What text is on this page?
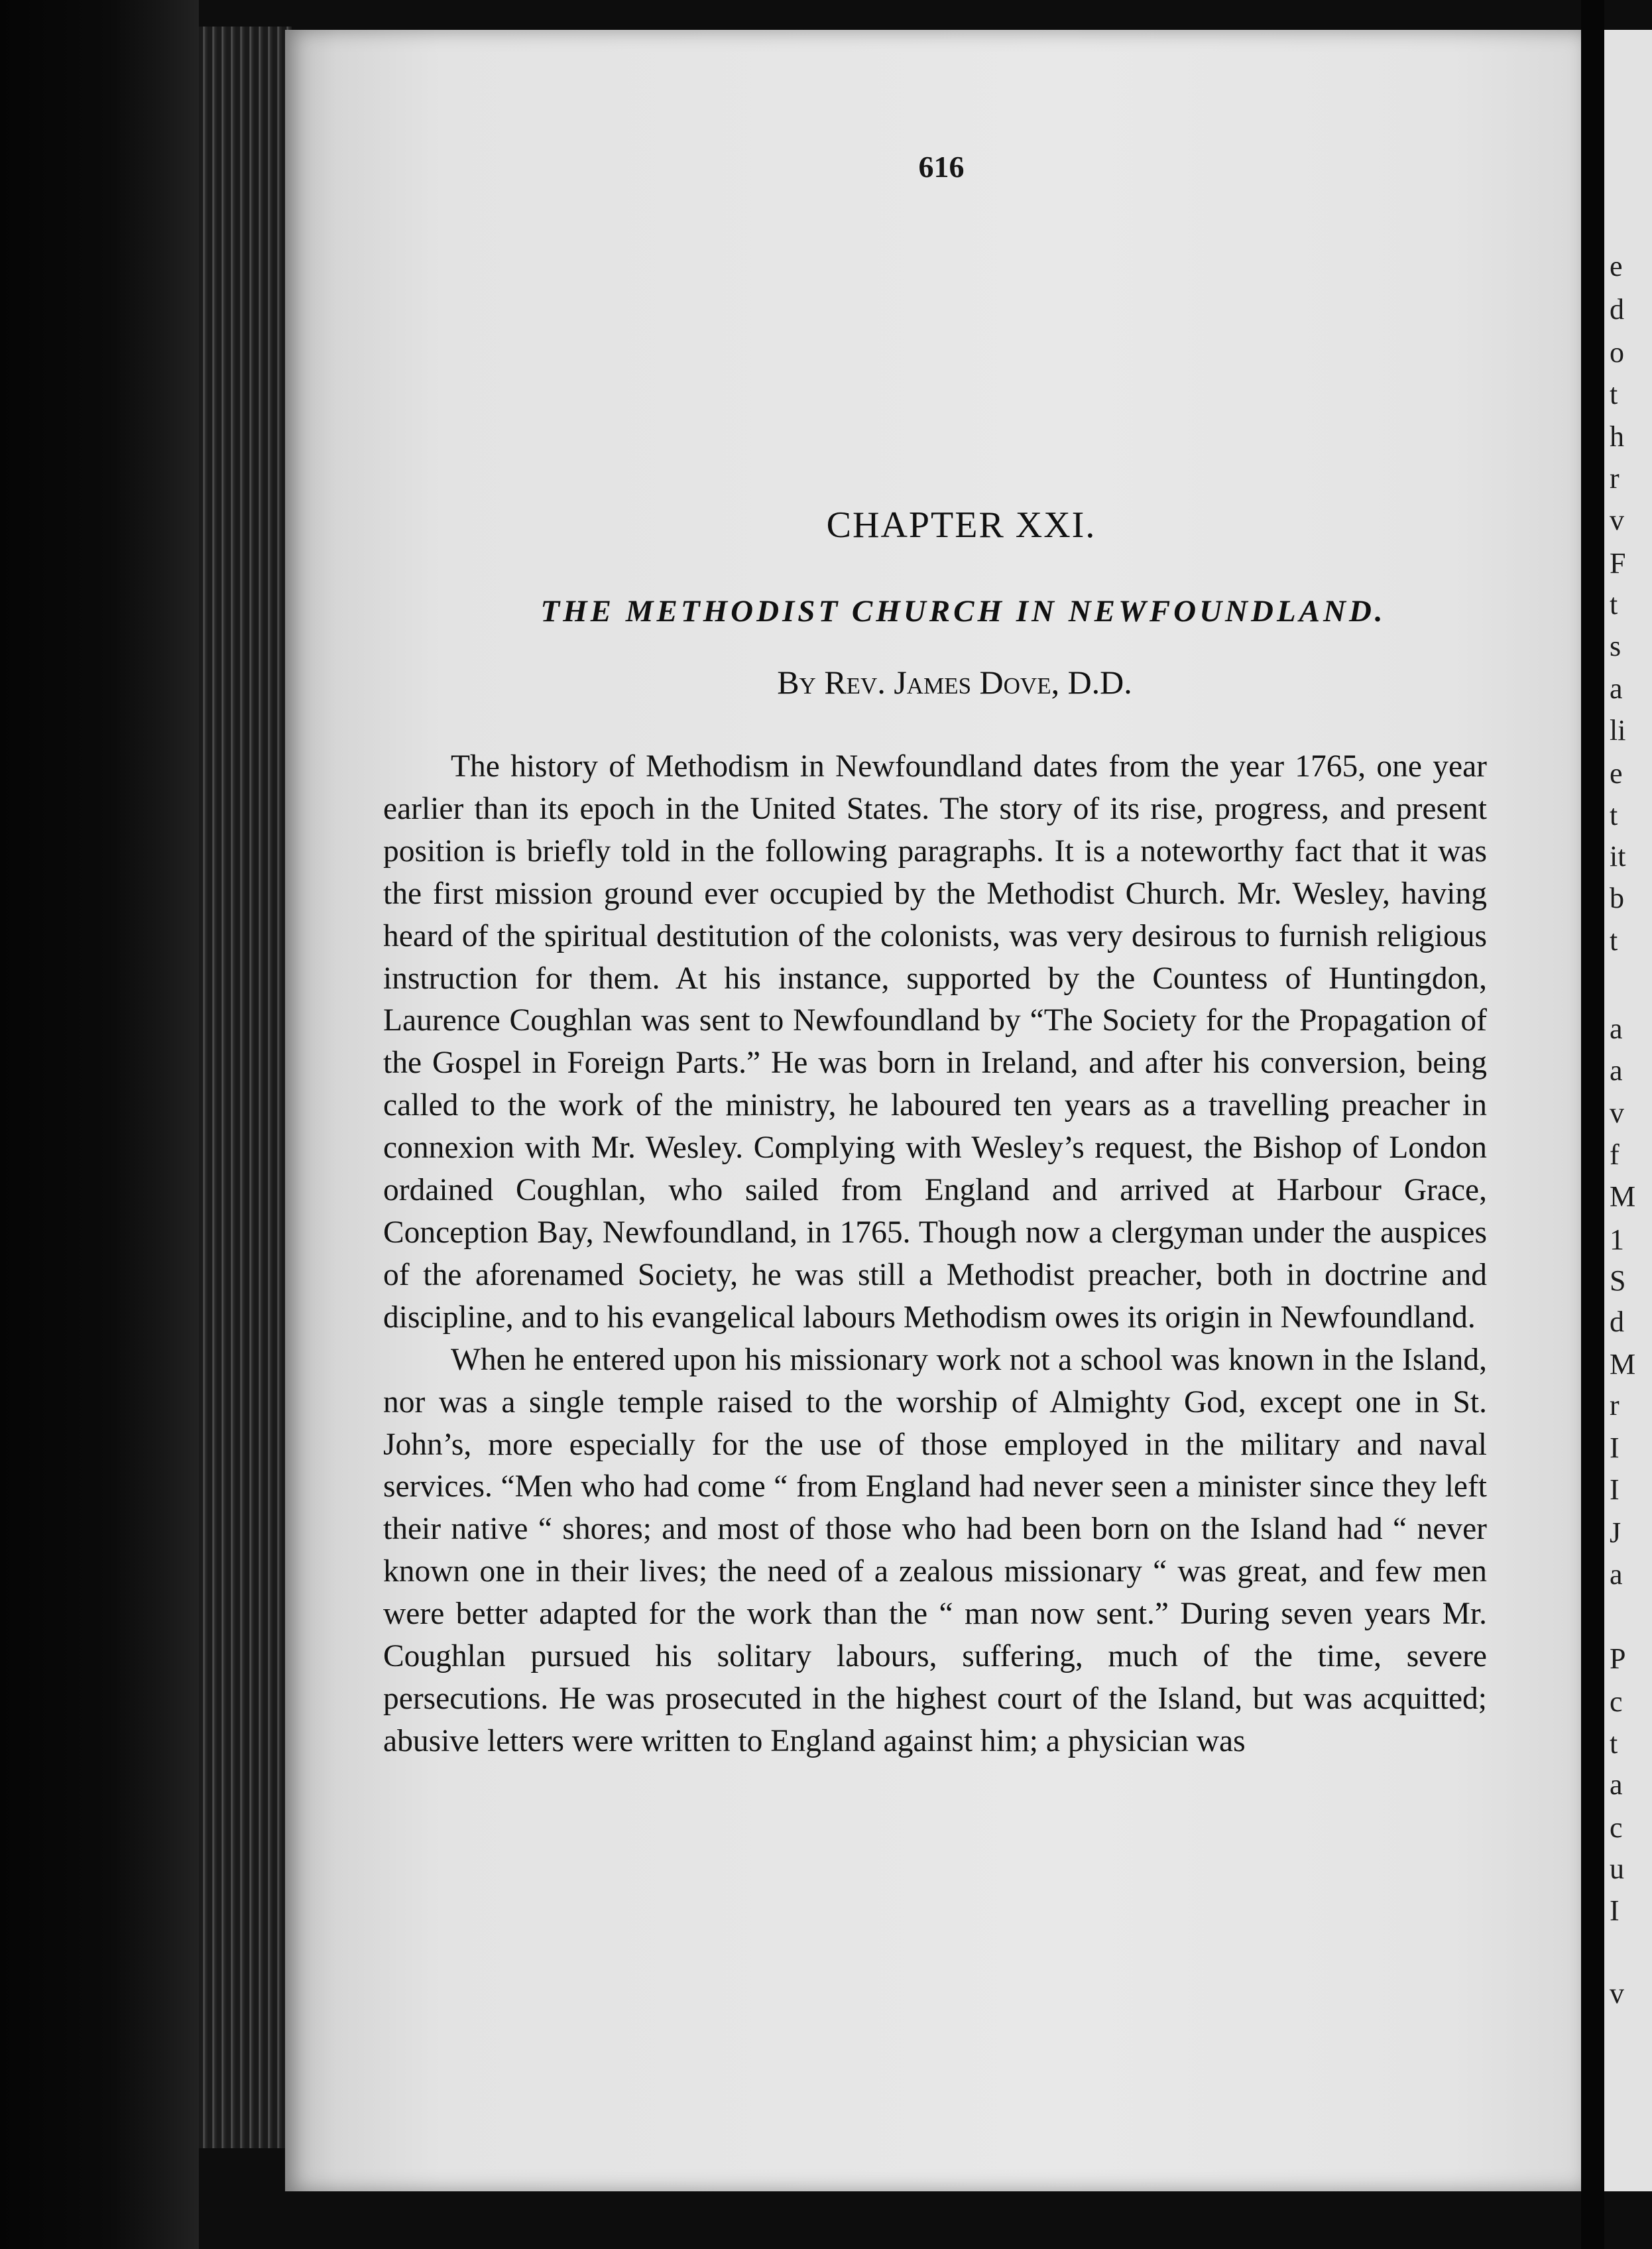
616
CHAPTER XXI.
THE METHODIST CHURCH IN NEWFOUNDLAND.
By Rev. James Dove, D.D.

The history of Methodism in Newfoundland dates from the year 1765, one year earlier than its epoch in the United States. The story of its rise, progress, and present position is briefly told in the following paragraphs. It is a noteworthy fact that it was the first mission ground ever occupied by the Methodist Church. Mr. Wesley, having heard of the spiritual destitution of the colonists, was very desirous to furnish religious instruction for them. At his instance, supported by the Countess of Huntingdon, Laurence Coughlan was sent to Newfoundland by “The Society for the Propagation of the Gospel in Foreign Parts.” He was born in Ireland, and after his conversion, being called to the work of the ministry, he laboured ten years as a travelling preacher in connexion with Mr. Wesley. Complying with Wesley’s request, the Bishop of London ordained Coughlan, who sailed from England and arrived at Harbour Grace, Conception Bay, Newfoundland, in 1765. Though now a clergyman under the auspices of the aforenamed Society, he was still a Methodist preacher, both in doctrine and discipline, and to his evangelical labours Methodism owes its origin in Newfoundland.

When he entered upon his missionary work not a school was known in the Island, nor was a single temple raised to the worship of Almighty God, except one in St. John’s, more especially for the use of those employed in the military and naval services. “Men who had come “ from England had never seen a minister since they left their native “ shores; and most of those who had been born on the Island had “ never known one in their lives; the need of a zealous missionary “ was great, and few men were better adapted for the work than the “ man now sent.” During seven years Mr. Coughlan pursued his solitary labours, suffering, much of the time, severe persecutions. He was prosecuted in the highest court of the Island, but was acquitted; abusive letters were written to England against him; a physician was

e
d
o
t
h
r
v
F
t
s
a
li
e
t
it
b
t
a
a
v
f
M
1
S
d
M
r
I
I
J
a
P
c
t
a
c
u
I
v
